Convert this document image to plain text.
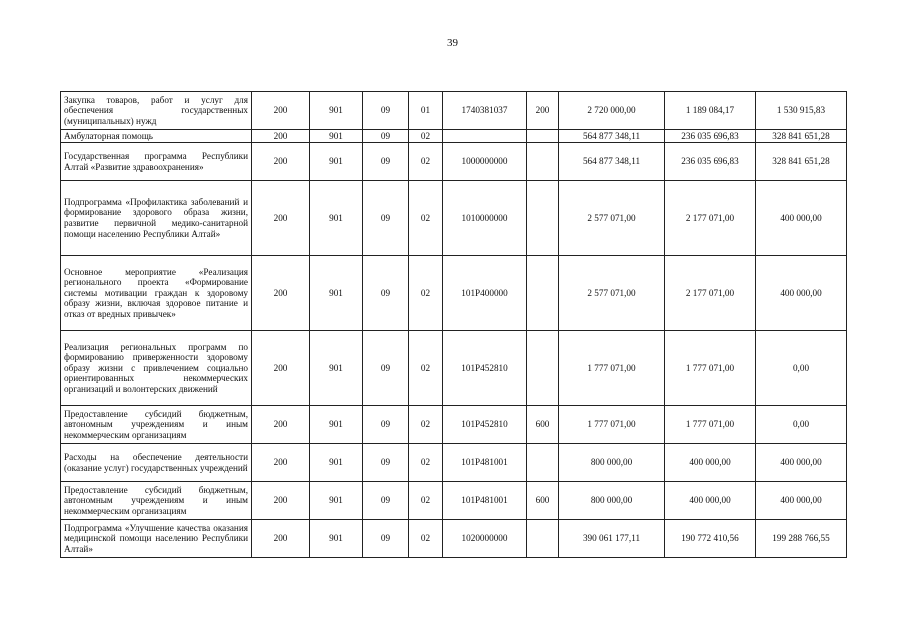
39
Закупка товаров, работ и услуг для обеспечения государственных (муниципальных) нужд	200	901	09	01	1740381037	200	2 720 000,00	1 189 084,17	1 530 915,83
Амбулаторная помощь	200	901	09	02			564 877 348,11	236 035 696,83	328 841 651,28
Государственная программа Республики Алтай «Развитие здравоохранения»	200	901	09	02	1000000000		564 877 348,11	236 035 696,83	328 841 651,28
Подпрограмма «Профилактика заболеваний и формирование здорового образа жизни, развитие первичной медико-санитарной помощи населению Республики Алтай»	200	901	09	02	1010000000		2 577 071,00	2 177 071,00	400 000,00
Основное мероприятие «Реализация регионального проекта «Формирование системы мотивации граждан к здоровому образу жизни, включая здоровое питание и отказ от вредных привычек»	200	901	09	02	101P400000		2 577 071,00	2 177 071,00	400 000,00
Реализация региональных программ по формированию приверженности здоровому образу жизни с привлечением социально ориентированных некоммерческих организаций и волонтерских движений	200	901	09	02	101P452810		1 777 071,00	1 777 071,00	0,00
Предоставление субсидий бюджетным, автономным учреждениям и иным некоммерческим организациям	200	901	09	02	101P452810	600	1 777 071,00	1 777 071,00	0,00
Расходы на обеспечение деятельности (оказание услуг) государственных учреждений	200	901	09	02	101P481001		800 000,00	400 000,00	400 000,00
Предоставление субсидий бюджетным, автономным учреждениям и иным некоммерческим организациям	200	901	09	02	101P481001	600	800 000,00	400 000,00	400 000,00
Подпрограмма «Улучшение качества оказания медицинской помощи населению Республики Алтай»	200	901	09	02	1020000000		390 061 177,11	190 772 410,56	199 288 766,55
